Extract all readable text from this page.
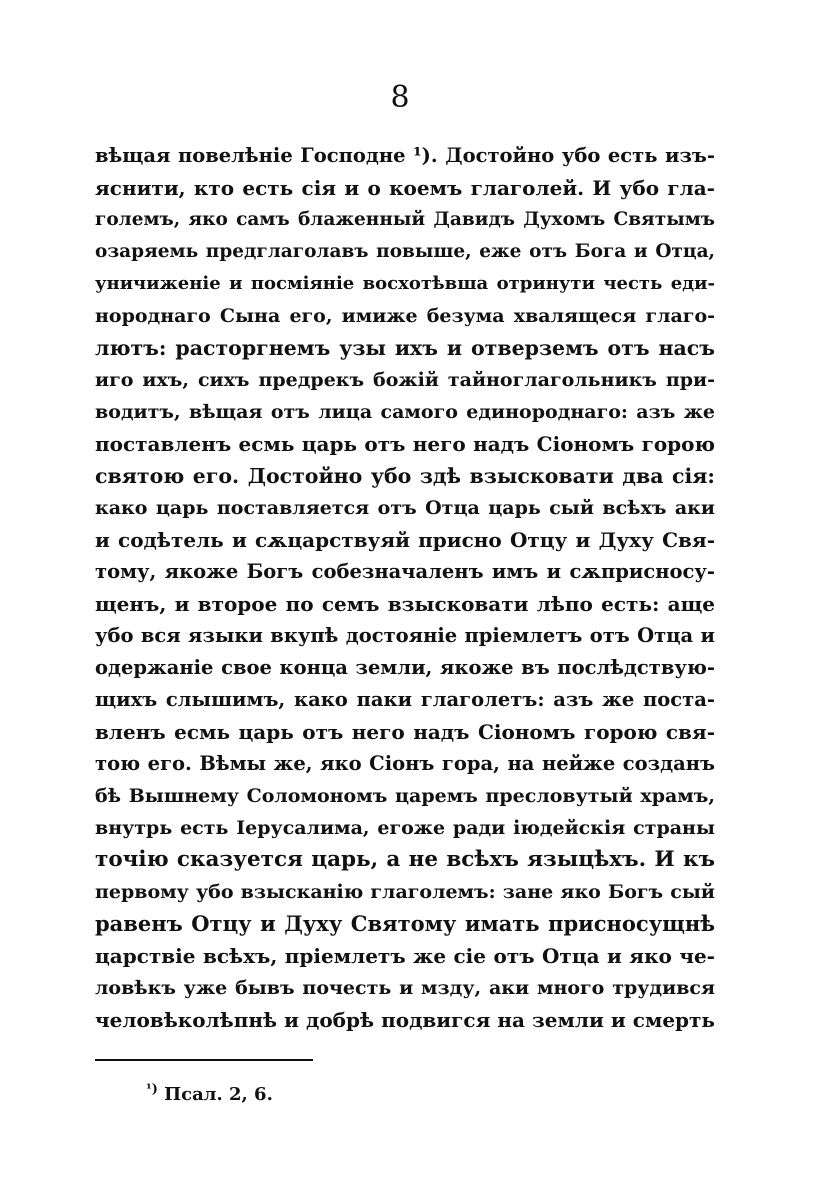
8
вѣщая повелѣніе Господне ¹). Достойно убо есть изъ-
яснити, кто есть сія и о коемъ глаголей. И убо гла-
големъ, яко самъ блаженный Давидъ Духомъ Святымъ
озаряемь предглаголавъ повыше, еже отъ Бога и Отца,
уничиженіе и посміяніе восхотѣвша отринути честь еди-
нороднаго Сына его, имиже безума хвалящеся глаго-
лютъ: расторгнемъ узы ихъ и отверземъ отъ насъ
иго ихъ, сихъ предрекъ божій тайноглагольникъ при-
водитъ, вѣщая отъ лица самого единороднаго: азъ же
поставленъ есмь царь отъ него надъ Сіономъ горою
святою его. Достойно убо здѣ взысковати два сія:
како царь поставляется отъ Отца царь сый всѣхъ аки
и содѣтель и сѫцарствуяй присно Отцу и Духу Свя-
тому, якоже Богъ собезначаленъ имъ и сѫприсносу-
щенъ, и второе по семъ взысковати лѣпо есть: аще
убо вся языки вкупѣ достояніе пріемлетъ отъ Отца и
одержаніе свое конца земли, якоже въ послѣдствую-
щихъ слышимъ, како паки глаголетъ: азъ же поста-
вленъ есмь царь отъ него надъ Сіономъ горою свя-
тою его. Вѣмы же, яко Сіонъ гора, на нейже созданъ
бѣ Вышнему Соломономъ царемъ пресловутый храмъ,
внутрь есть Іерусалима, егоже ради іюдейскія страны
точію сказуется царь, а не всѣхъ языцѣхъ. И къ
первому убо взысканію глаголемъ: зане яко Богъ сый
равенъ Отцу и Духу Святому имать присносущнѣ
царствіе всѣхъ, пріемлетъ же сіе отъ Отца и яко че-
ловѣкъ уже бывъ почесть и мзду, аки много трудився
человѣколѣпнѣ и добрѣ подвигся на земли и смерть
$^{^1)}$ Псал. 2, 6.
